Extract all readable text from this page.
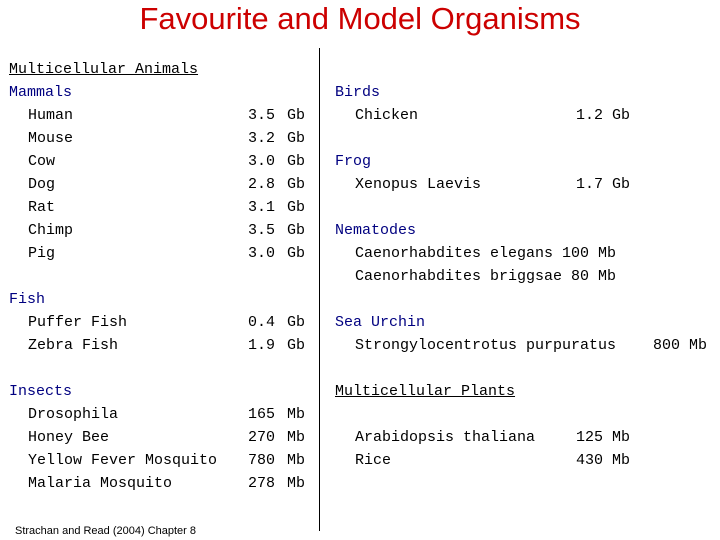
Favourite and Model Organisms
Multicellular Animals
Mammals
Human	3.5 Gb
Mouse	3.2 Gb
Cow	3.0 Gb
Dog	2.8 Gb
Rat	3.1 Gb
Chimp	3.5 Gb
Pig	3.0 Gb
Fish
Puffer Fish	0.4 Gb
Zebra Fish	1.9 Gb
Insects
Drosophila	165 Mb
Honey Bee	270 Mb
Yellow Fever Mosquito 780 Mb
Malaria Mosquito	278 Mb
Birds
Chicken	1.2 Gb
Frog
Xenopus Laevis	1.7 Gb
Nematodes
Caenorhabdites elegans 100 Mb
Caenorhabdites briggsae 80 Mb
Sea Urchin
Strongylocentrotus purpuratus 800 Mb
Multicellular Plants
Arabidopsis thaliana	125 Mb
Rice	430 Mb
Strachan and Read (2004) Chapter 8
